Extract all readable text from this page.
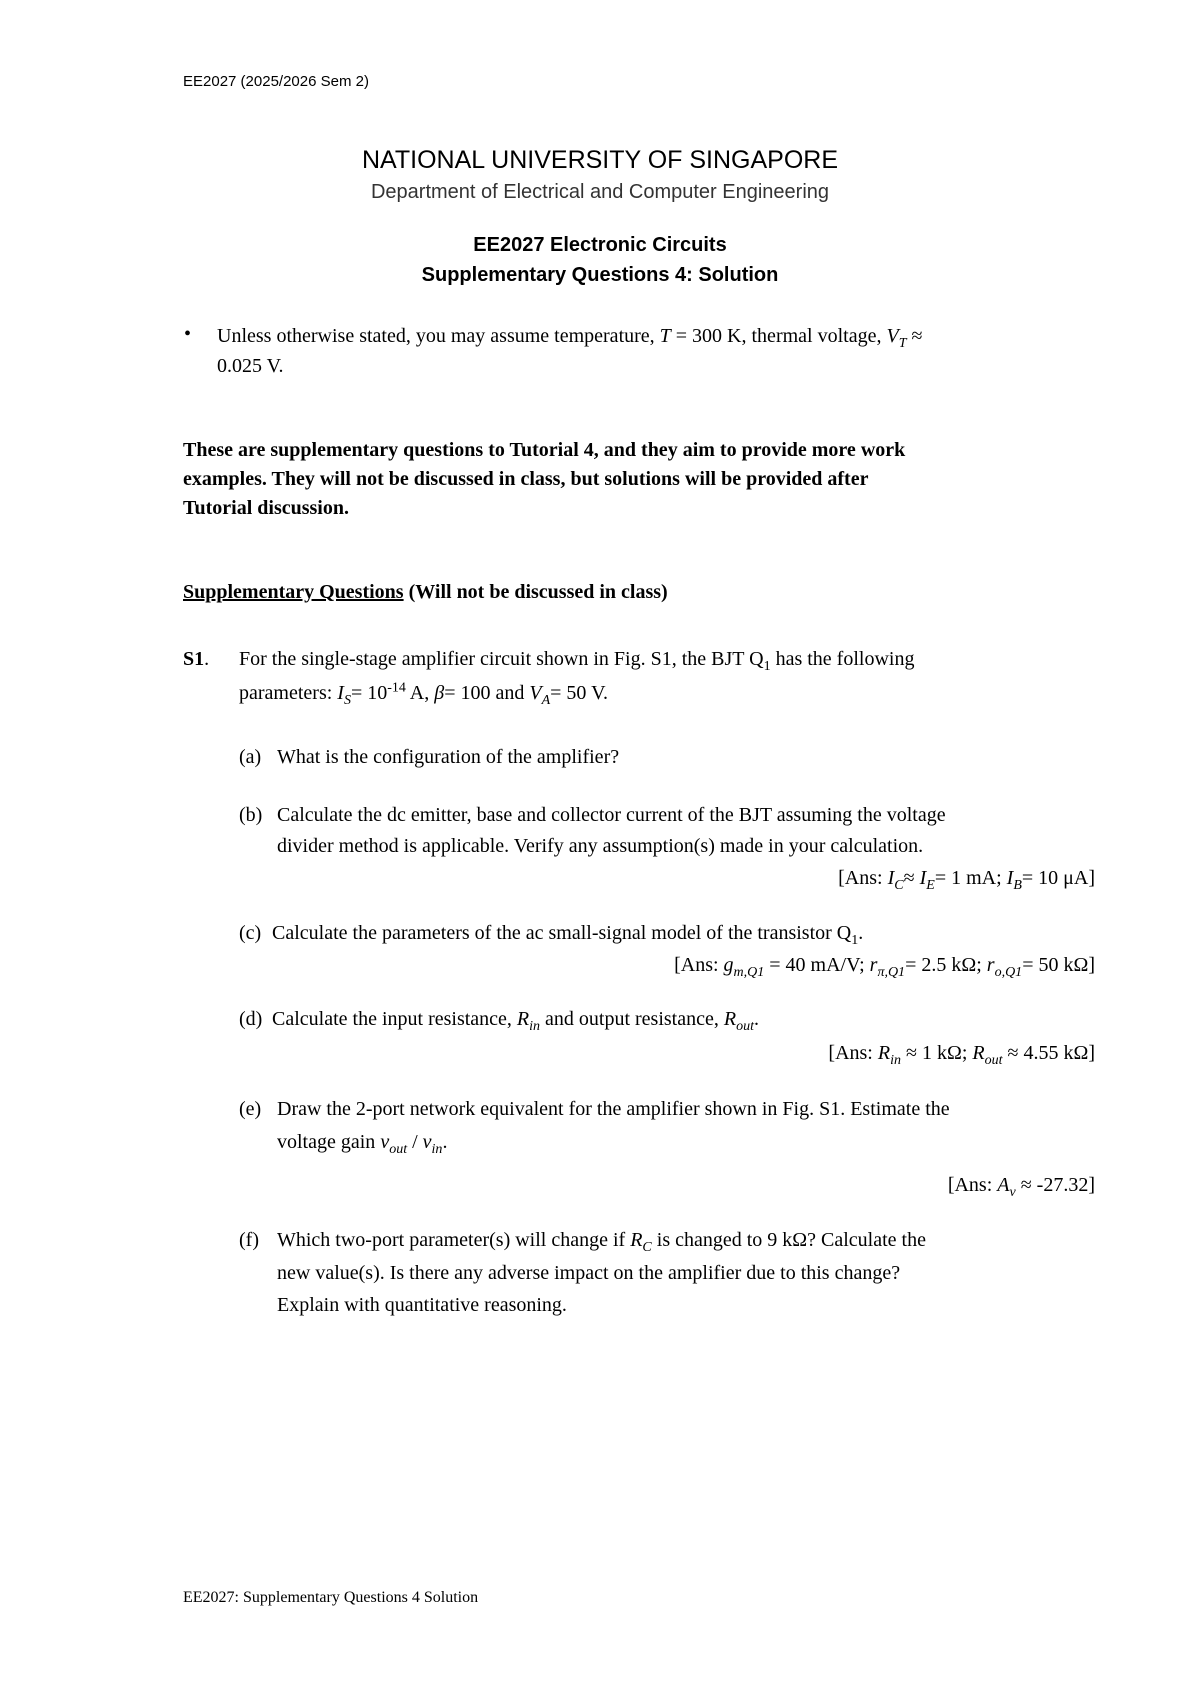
EE2027 (2025/2026 Sem 2)
NATIONAL UNIVERSITY OF SINGAPORE
Department of Electrical and Computer Engineering
EE2027 Electronic Circuits
Supplementary Questions 4: Solution
• Unless otherwise stated, you may assume temperature, T = 300 K, thermal voltage, $V_T$ ≈
0.025 V.
These are supplementary questions to Tutorial 4, and they aim to provide more work
examples. They will not be discussed in class, but solutions will be provided after
Tutorial discussion.
Supplementary Questions (Will not be discussed in class)
S1. For the single-stage amplifier circuit shown in Fig. S1, the BJT $Q_1$ has the following
parameters: $I_S= 10^{-14}$ A, β= 100 and $V_A= 50$ V.
(a) What is the configuration of the amplifier?
(b) Calculate the dc emitter, base and collector current of the BJT assuming the voltage
divider method is applicable. Verify any assumption(s) made in your calculation.
[Ans: $I_C\approx I_E= 1$ mA; $I_B= 10$ μA]
(c) Calculate the parameters of the ac small-signal model of the transistor $Q_1$.
[Ans: $g_{m,Q1} = 40$ mA/V; $r_{\pi,Q1}= 2.5$ kΩ; $r_{o,Q1}= 50$ kΩ]
(d) Calculate the input resistance, $R_{in}$ and output resistance, $R_{out}$.
[Ans: $R_{in} \approx 1$ kΩ; $R_{out} \approx 4.55$ kΩ]
(e) Draw the 2-port network equivalent for the amplifier shown in Fig. S1. Estimate the
voltage gain $v_{out} / v_{in}$.
[Ans: $A_v \approx -27.32$]
(f) Which two-port parameter(s) will change if $R_C$ is changed to 9 kΩ? Calculate the
new value(s). Is there any adverse impact on the amplifier due to this change?
Explain with quantitative reasoning.
EE2027: Supplementary Questions 4 Solution
